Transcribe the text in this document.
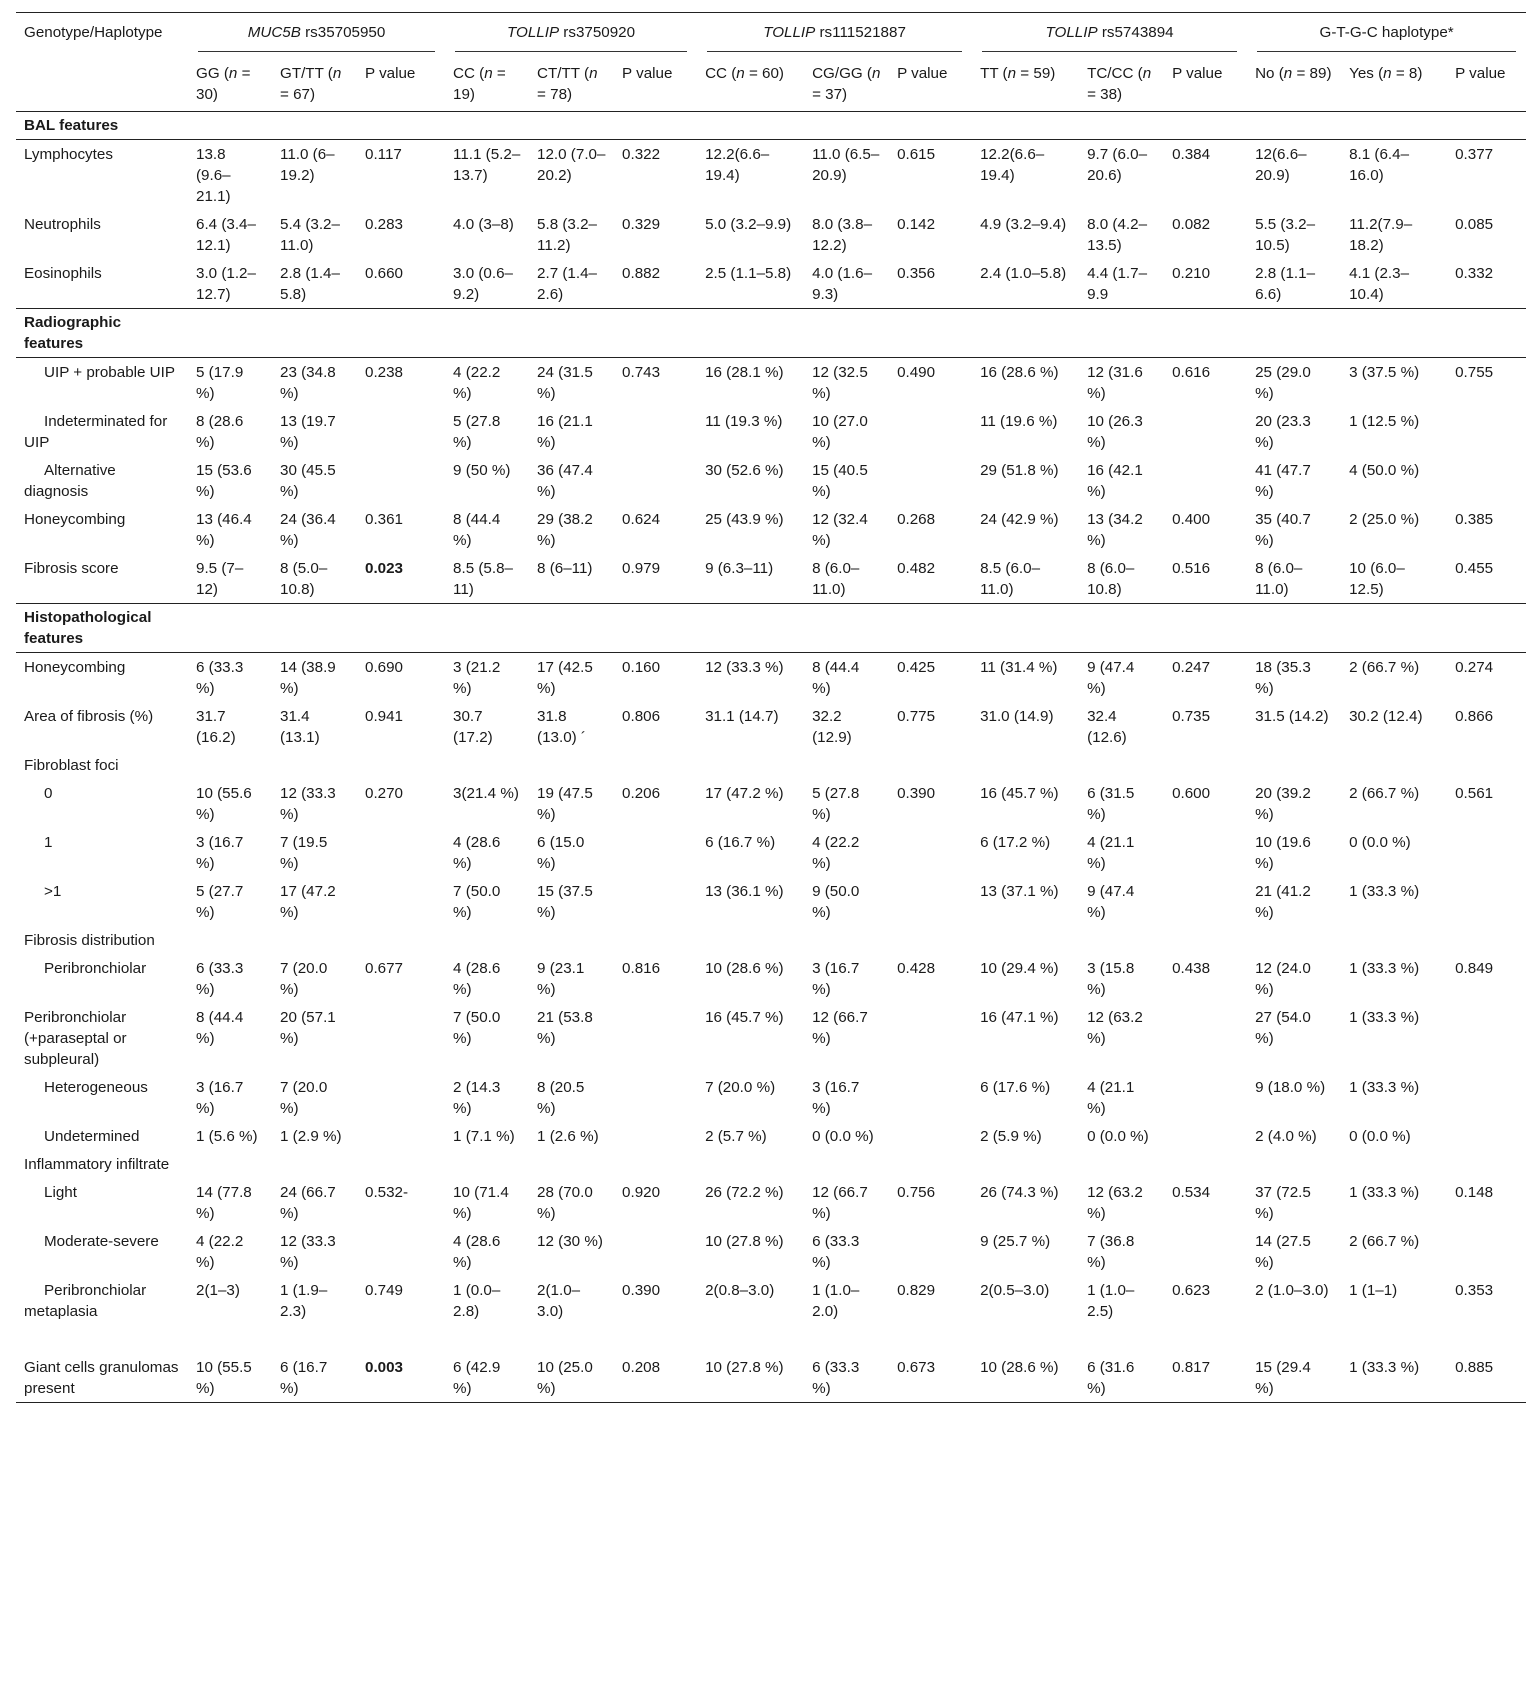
Genotype/Haplotype	MUC5B rs35705950			TOLLIP rs3750920			TOLLIP rs111521887			TOLLIP rs5743894			G-T-G-C haplotype*		

	GG (n = 30)	GT/TT (n = 67)	P value	CC (n = 19)	CT/TT (n = 78)	P value	CC (n = 60)	CG/GG (n = 37)	P value	TT (n = 59)	TC/CC (n = 38)	P value	No (n = 89)	Yes (n = 8)	P value
BAL features															
Lymphocytes	13.8 (9.6–21.1)	11.0 (6–19.2)	0.117	11.1 (5.2–13.7)	12.0 (7.0–20.2)	0.322	12.2(6.6–19.4)	11.0 (6.5–20.9)	0.615	12.2(6.6–19.4)	9.7 (6.0–20.6)	0.384	12(6.6–20.9)	8.1 (6.4–16.0)	0.377
Neutrophils	6.4 (3.4–12.1)	5.4 (3.2–11.0)	0.283	4.0 (3–8)	5.8 (3.2–11.2)	0.329	5.0 (3.2–9.9)	8.0 (3.8–12.2)	0.142	4.9 (3.2–9.4)	8.0 (4.2–13.5)	0.082	5.5 (3.2–10.5)	11.2(7.9–18.2)	0.085
Eosinophils	3.0 (1.2–12.7)	2.8 (1.4–5.8)	0.660	3.0 (0.6–9.2)	2.7 (1.4–2.6)	0.882	2.5 (1.1–5.8)	4.0 (1.6–9.3)	0.356	2.4 (1.0–5.8)	4.4 (1.7–9.9	0.210	2.8 (1.1–6.6)	4.1 (2.3–10.4)	0.332
Radiographic features															
UIP + probable UIP	5 (17.9 %)	23 (34.8 %)	0.238	4 (22.2 %)	24 (31.5 %)	0.743	16 (28.1 %)	12 (32.5 %)	0.490	16 (28.6 %)	12 (31.6 %)	0.616	25 (29.0 %)	3 (37.5 %)	0.755
Indeterminated for UIP	8 (28.6 %)	13 (19.7 %)		5 (27.8 %)	16 (21.1 %)		11 (19.3 %)	10 (27.0 %)		11 (19.6 %)	10 (26.3 %)		20 (23.3 %)	1 (12.5 %)	
Alternative diagnosis	15 (53.6 %)	30 (45.5 %)		9 (50 %)	36 (47.4 %)		30 (52.6 %)	15 (40.5 %)		29 (51.8 %)	16 (42.1 %)		41 (47.7 %)	4 (50.0 %)	
Honeycombing	13 (46.4 %)	24 (36.4 %)	0.361	8 (44.4 %)	29 (38.2 %)	0.624	25 (43.9 %)	12 (32.4 %)	0.268	24 (42.9 %)	13 (34.2 %)	0.400	35 (40.7 %)	2 (25.0 %)	0.385
Fibrosis score	9.5 (7–12)	8 (5.0–10.8)	0.023	8.5 (5.8–11)	8 (6–11)	0.979	9 (6.3–11)	8 (6.0–11.0)	0.482	8.5 (6.0–11.0)	8 (6.0–10.8)	0.516	8 (6.0–11.0)	10 (6.0–12.5)	0.455
Histopathological features															
Honeycombing	6 (33.3 %)	14 (38.9 %)	0.690	3 (21.2 %)	17 (42.5 %)	0.160	12 (33.3 %)	8 (44.4 %)	0.425	11 (31.4 %)	9 (47.4 %)	0.247	18 (35.3 %)	2 (66.7 %)	0.274
Area of fibrosis (%)	31.7 (16.2)	31.4 (13.1)	0.941	30.7 (17.2)	31.8 (13.0) ´	0.806	31.1 (14.7)	32.2 (12.9)	0.775	31.0 (14.9)	32.4 (12.6)	0.735	31.5 (14.2)	30.2 (12.4)	0.866
Fibroblast foci															
0	10 (55.6 %)	12 (33.3 %)	0.270	3(21.4 %)	19 (47.5 %)	0.206	17 (47.2 %)	5 (27.8 %)	0.390	16 (45.7 %)	6 (31.5 %)	0.600	20 (39.2 %)	2 (66.7 %)	0.561
1	3 (16.7 %)	7 (19.5 %)		4 (28.6 %)	6 (15.0 %)		6 (16.7 %)	4 (22.2 %)		6 (17.2 %)	4 (21.1 %)		10 (19.6 %)	0 (0.0 %)	
>1	5 (27.7 %)	17 (47.2 %)		7 (50.0 %)	15 (37.5 %)		13 (36.1 %)	9 (50.0 %)		13 (37.1 %)	9 (47.4 %)		21 (41.2 %)	1 (33.3 %)	
Fibrosis distribution															
Peribronchiolar	6 (33.3 %)	7 (20.0 %)	0.677	4 (28.6 %)	9 (23.1 %)	0.816	10 (28.6 %)	3 (16.7 %)	0.428	10 (29.4 %)	3 (15.8 %)	0.438	12 (24.0 %)	1 (33.3 %)	0.849
Peribronchiolar (+paraseptal or subpleural)	8 (44.4 %)	20 (57.1 %)		7 (50.0 %)	21 (53.8 %)		16 (45.7 %)	12 (66.7 %)		16 (47.1 %)	12 (63.2 %)		27 (54.0 %)	1 (33.3 %)	
Heterogeneous	3 (16.7 %)	7 (20.0 %)		2 (14.3 %)	8 (20.5 %)		7 (20.0 %)	3 (16.7 %)		6 (17.6 %)	4 (21.1 %)		9 (18.0 %)	1 (33.3 %)	
Undetermined	1 (5.6 %)	1 (2.9 %)		1 (7.1 %)	1 (2.6 %)		2 (5.7 %)	0 (0.0 %)		2 (5.9 %)	0 (0.0 %)		2 (4.0 %)	0 (0.0 %)	
Inflammatory infiltrate															
Light	14 (77.8 %)	24 (66.7 %)	0.532-	10 (71.4 %)	28 (70.0 %)	0.920	26 (72.2 %)	12 (66.7 %)	0.756	26 (74.3 %)	12 (63.2 %)	0.534	37 (72.5 %)	1 (33.3 %)	0.148
Moderate-severe	4 (22.2 %)	12 (33.3 %)		4 (28.6 %)	12 (30 %)		10 (27.8 %)	6 (33.3 %)		9 (25.7 %)	7 (36.8 %)		14 (27.5 %)	2 (66.7 %)	
Peribronchiolar metaplasia	2(1–3)	1 (1.9–2.3)	0.749	1 (0.0–2.8)	2(1.0–3.0)	0.390	2(0.8–3.0)	1 (1.0–2.0)	0.829	2(0.5–3.0)	1 (1.0–2.5)	0.623	2 (1.0–3.0)	1 (1–1)	0.353
Giant cells granulomas present	10 (55.5 %)	6 (16.7 %)	0.003	6 (42.9 %)	10 (25.0 %)	0.208	10 (27.8 %)	6 (33.3 %)	0.673	10 (28.6 %)	6 (31.6 %)	0.817	15 (29.4 %)	1 (33.3 %)	0.885
